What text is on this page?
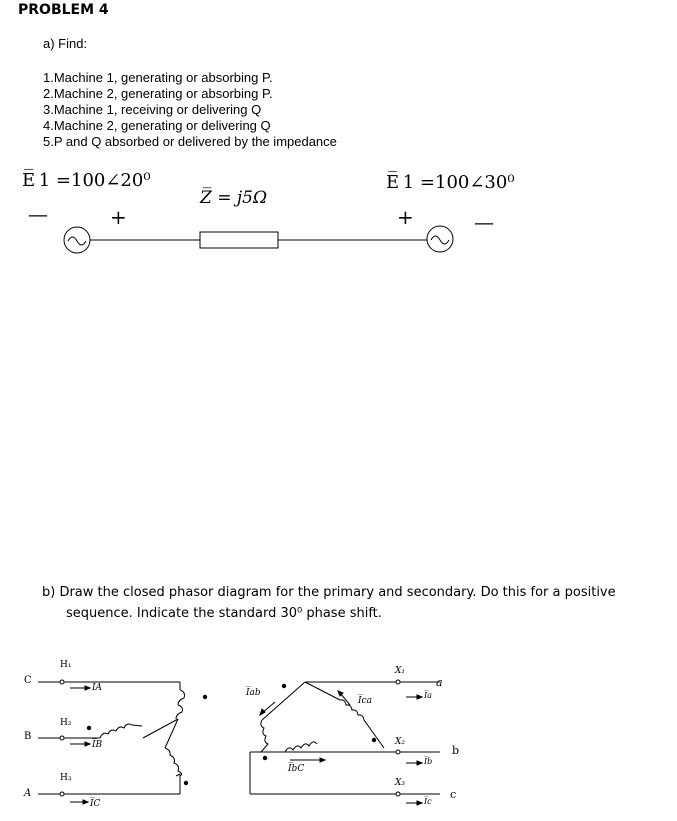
PROBLEM 4
a) Find:
1.Machine 1, generating or absorbing P.
2.Machine 2, generating or absorbing P.
3.Machine 1, receiving or delivering Q
4.Machine 2, generating or delivering Q
5.P and Q absorbed or delivered by the impedance
E̅ 1 =100∠20⁰	E̅ 1 =100∠30⁰
Z̅ = j5Ω
—	+	+	—
H₁
H₂
H₃
C
B
A
I̅A
I̅B
I̅C
I̅ab
I̅ca
I̅bC
X₁
X₂
X₃
a
b
c
I̅a
I̅b
I̅c
b) Draw the closed phasor diagram for the primary and secondary. Do this for a positive
sequence. Indicate the standard 30⁰ phase shift.
